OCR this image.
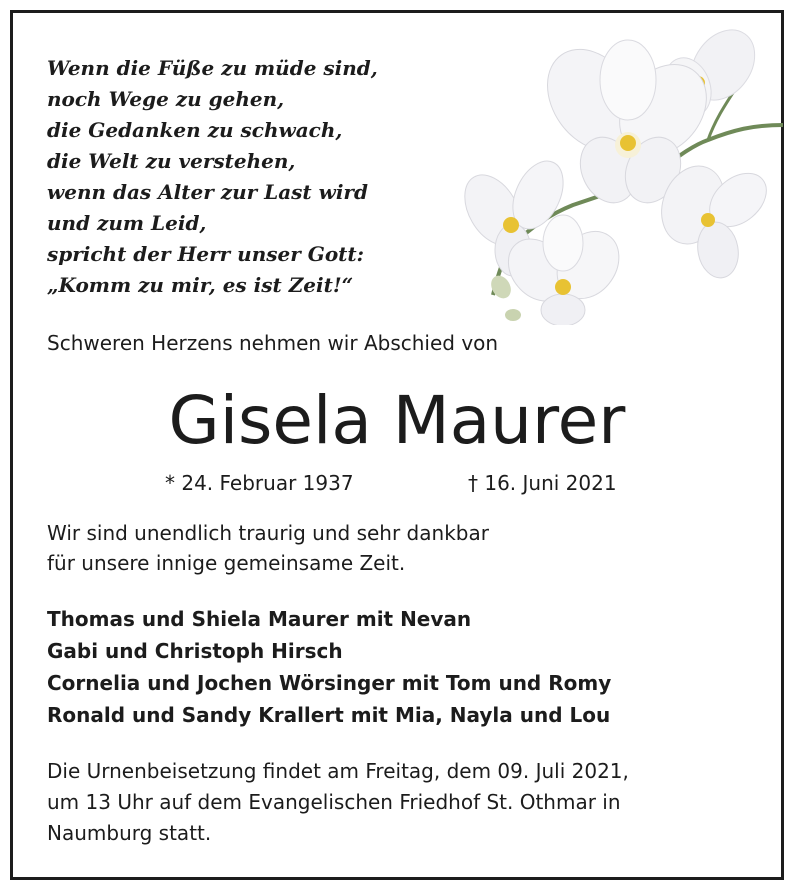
Wenn die Füße zu müde sind,
noch Wege zu gehen,
die Gedanken zu schwach,
die Welt zu verstehen,
wenn das Alter zur Last wird
und zum Leid,
spricht der Herr unser Gott:
„Komm zu mir, es ist Zeit!“
Schweren Herzens nehmen wir Abschied von
Gisela Maurer
* 24. Februar 1937	† 16. Juni 2021
Wir sind unendlich traurig und sehr dankbar
für unsere innige gemeinsame Zeit.
Thomas und Shiela Maurer mit Nevan
Gabi und Christoph Hirsch
Cornelia und Jochen Wörsinger mit Tom und Romy
Ronald und Sandy Krallert mit Mia, Nayla und Lou
Die Urnenbeisetzung findet am Freitag, dem 09. Juli 2021,
um 13 Uhr auf dem Evangelischen Friedhof St. Othmar in
Naumburg statt.
